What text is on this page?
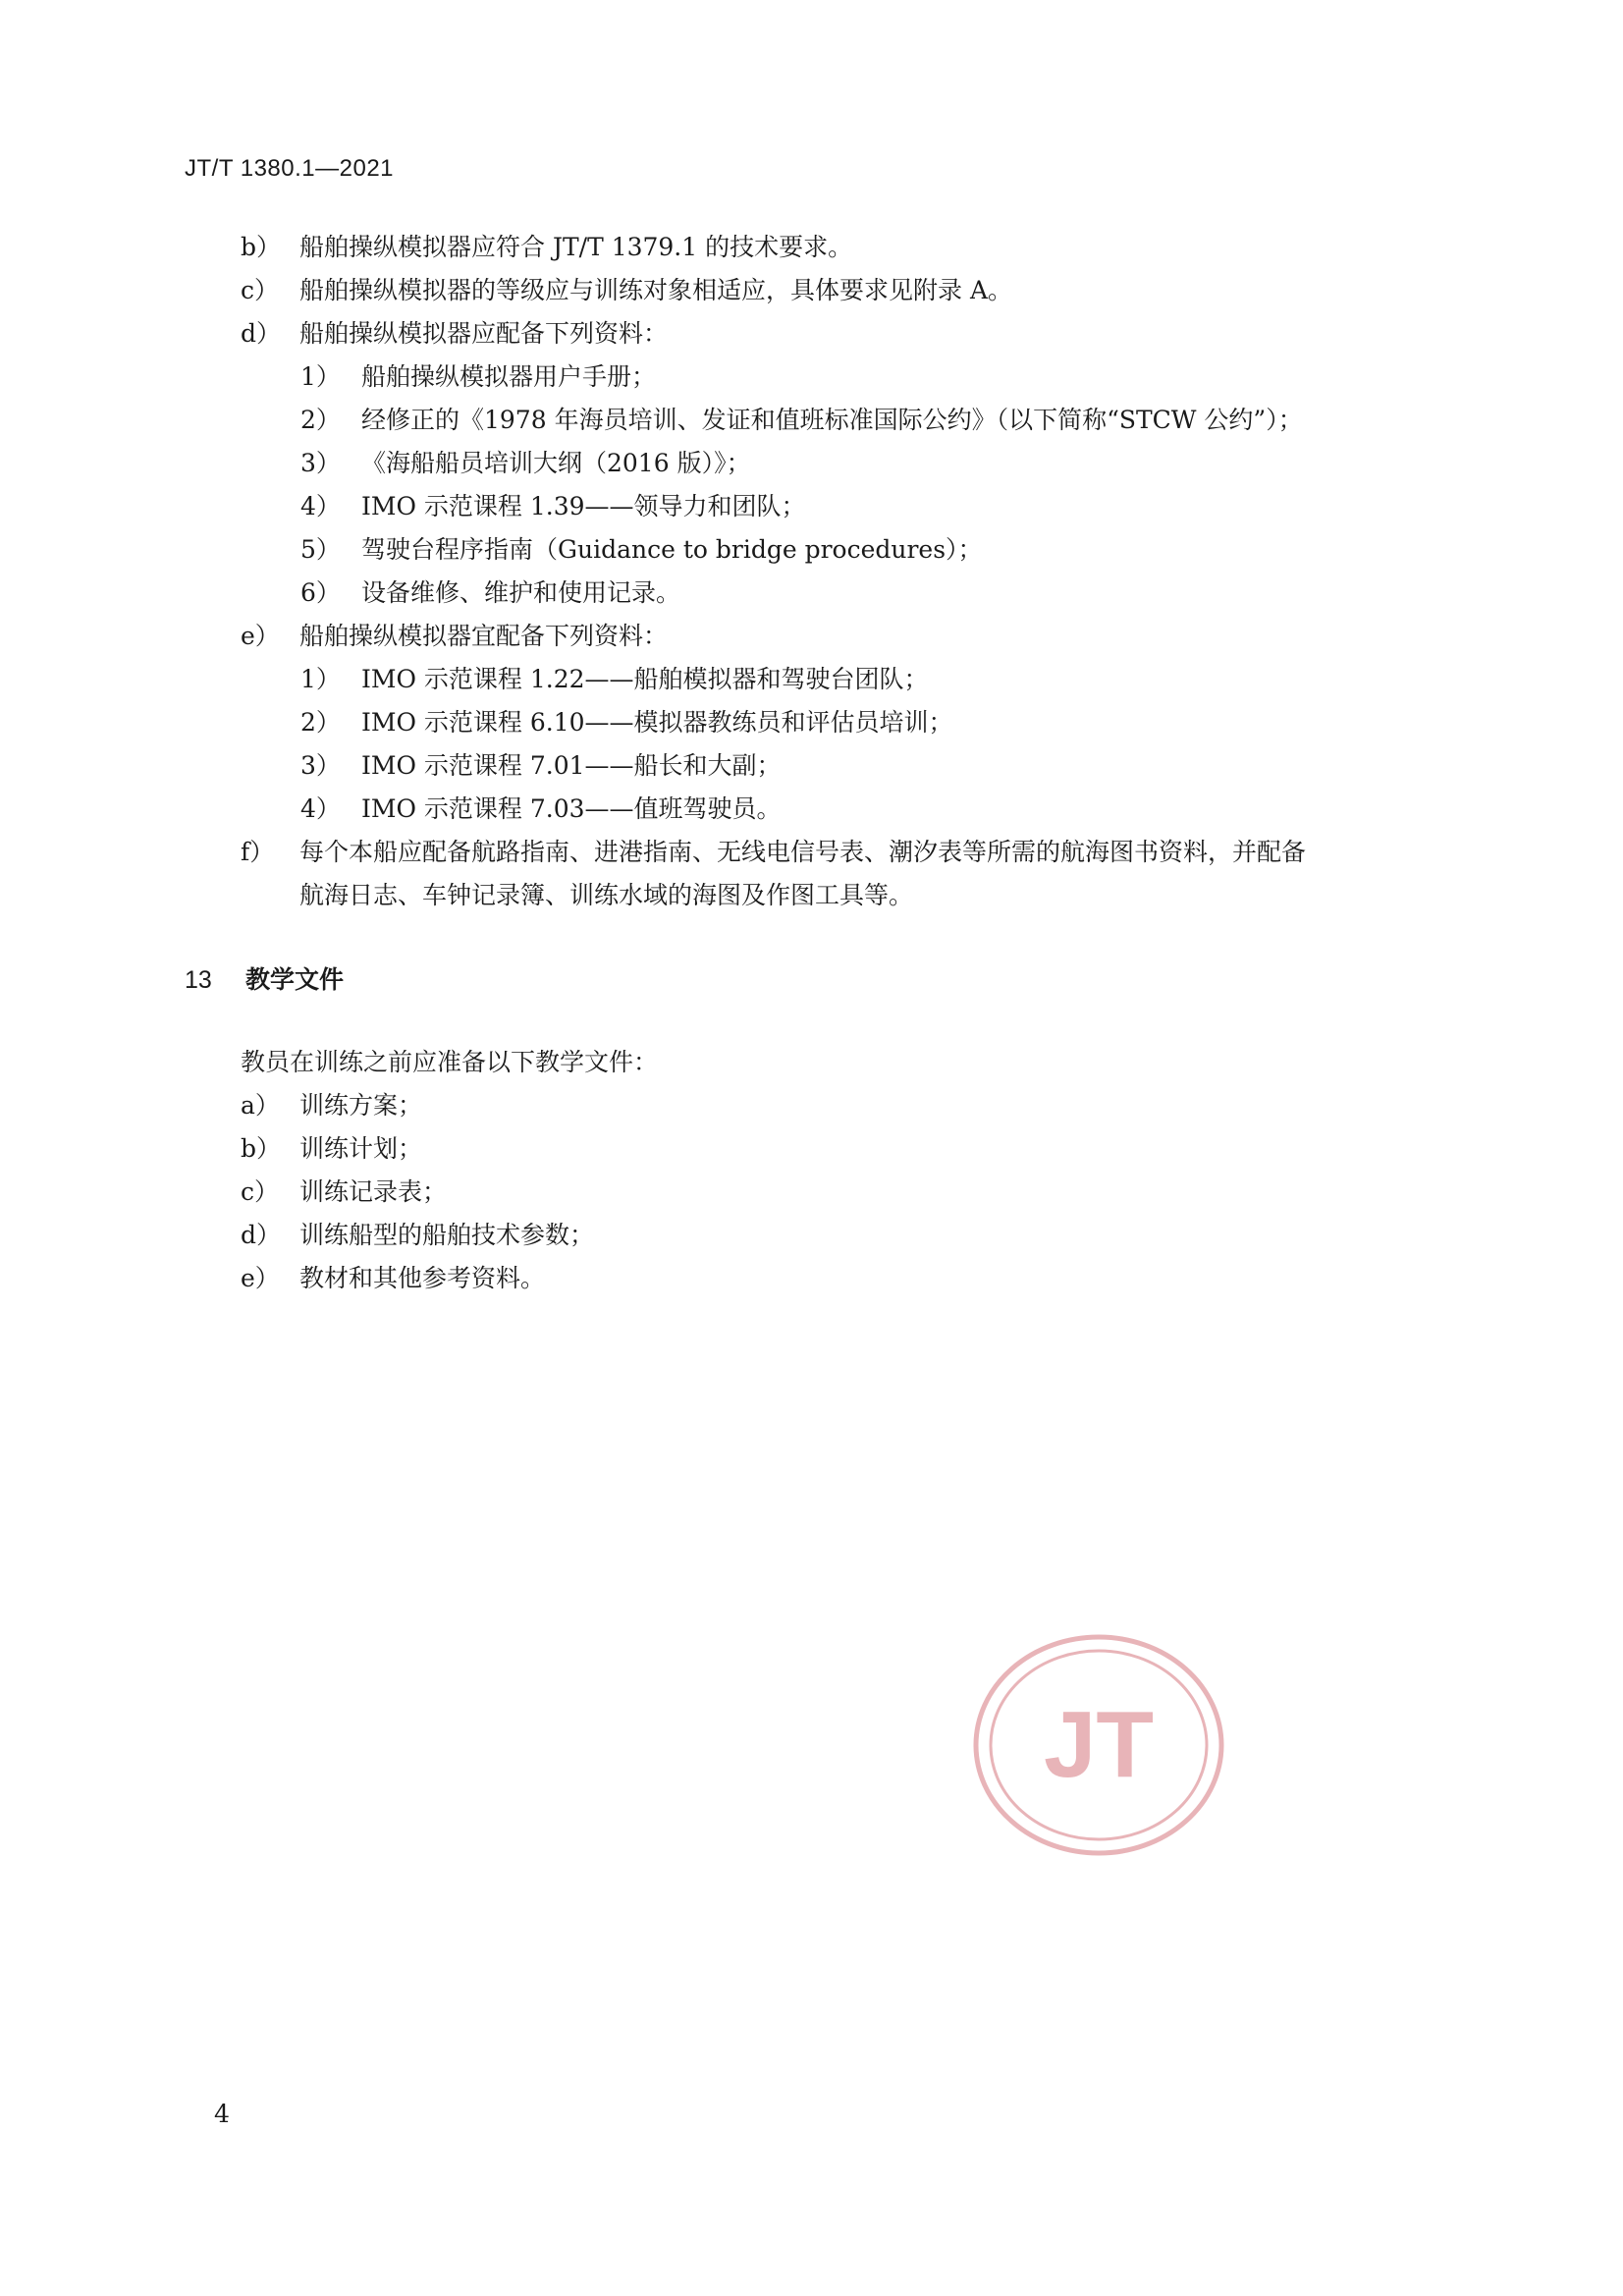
JT/T 1380.1—2021
b） 船舶操纵模拟器应符合 JT/T 1379.1 的技术要求。
c） 船舶操纵模拟器的等级应与训练对象相适应，具体要求见附录 A。
d） 船舶操纵模拟器应配备下列资料：
1） 船舶操纵模拟器用户手册；
2） 经修正的《1978 年海员培训、发证和值班标准国际公约》（以下简称“STCW 公约”）；
3） 《海船船员培训大纲（2016 版）》；
4） IMO 示范课程 1.39——领导力和团队；
5） 驾驶台程序指南（Guidance to bridge procedures）；
6） 设备维修、维护和使用记录。
e） 船舶操纵模拟器宜配备下列资料：
1） IMO 示范课程 1.22——船舶模拟器和驾驶台团队；
2） IMO 示范课程 6.10——模拟器教练员和评估员培训；
3） IMO 示范课程 7.01——船长和大副；
4） IMO 示范课程 7.03——值班驾驶员。
f） 每个本船应配备航路指南、进港指南、无线电信号表、潮汐表等所需的航海图书资料，并配备
航海日志、车钟记录簿、训练水域的海图及作图工具等。
13 教学文件
教员在训练之前应准备以下教学文件：
a） 训练方案；
b） 训练计划；
c） 训练记录表；
d） 训练船型的船舶技术参数；
e） 教材和其他参考资料。
JT
4
